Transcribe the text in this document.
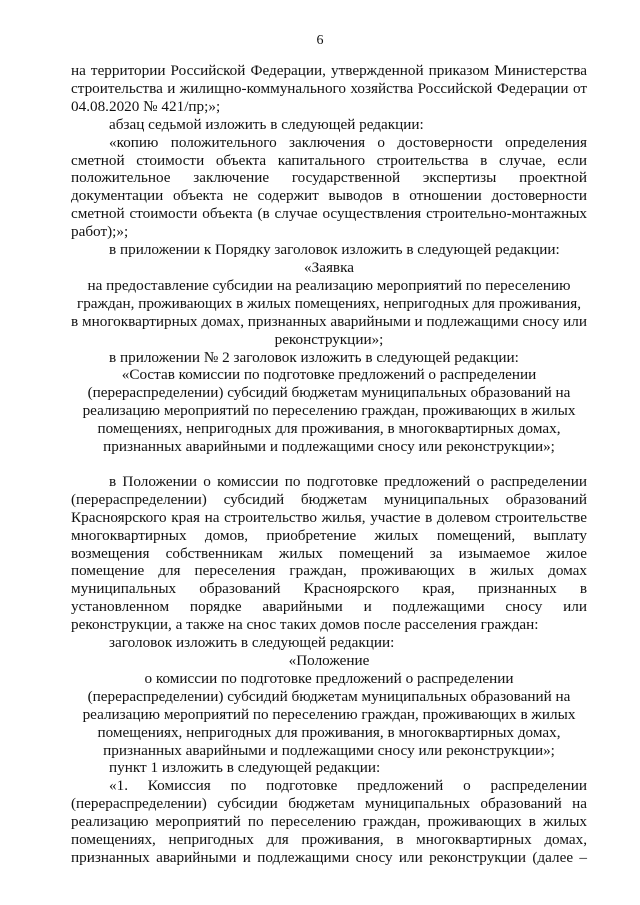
6

на территории Российской Федерации, утвержденной приказом Министерства строительства и жилищно-коммунального хозяйства Российской Федерации от 04.08.2020 № 421/пр;»;

абзац седьмой изложить в следующей редакции:

«копию положительного заключения о достоверности определения сметной стоимости объекта капитального строительства в случае, если положительное заключение государственной экспертизы проектной документации объекта не содержит выводов в отношении достоверности сметной стоимости объекта (в случае осуществления строительно-монтажных работ);»;

в приложении к Порядку заголовок изложить в следующей редакции:

«Заявка

на предоставление субсидии на реализацию мероприятий по переселению

граждан, проживающих в жилых помещениях, непригодных для проживания,

в многоквартирных домах, признанных аварийными и подлежащими сносу или

реконструкции»;

в приложении № 2 заголовок изложить в следующей редакции:

«Состав комиссии по подготовке предложений о распределении

(перераспределении) субсидий бюджетам муниципальных образований на

реализацию мероприятий по переселению граждан, проживающих в жилых

помещениях, непригодных для проживания, в многоквартирных домах,

признанных аварийными и подлежащими сносу или реконструкции»;

в Положении о комиссии по подготовке предложений о распределении (перераспределении) субсидий бюджетам муниципальных образований Красноярского края на строительство жилья, участие в долевом строительстве многоквартирных домов, приобретение жилых помещений, выплату возмещения собственникам жилых помещений за изымаемое жилое помещение для переселения граждан, проживающих в жилых домах муниципальных образований Красноярского края, признанных в установленном порядке аварийными и подлежащими сносу или реконструкции, а также на снос таких домов после расселения граждан:

заголовок изложить в следующей редакции:

«Положение

о комиссии по подготовке предложений о распределении

(перераспределении) субсидий бюджетам муниципальных образований на

реализацию мероприятий по переселению граждан, проживающих в жилых

помещениях, непригодных для проживания, в многоквартирных домах,

признанных аварийными и подлежащими сносу или реконструкции»;

пункт 1 изложить в следующей редакции:

«1. Комиссия по подготовке предложений о распределении (перераспределении) субсидии бюджетам муниципальных образований на реализацию мероприятий по переселению граждан, проживающих в жилых помещениях, непригодных для проживания, в многоквартирных домах, признанных аварийными и подлежащими сносу или реконструкции (далее –
